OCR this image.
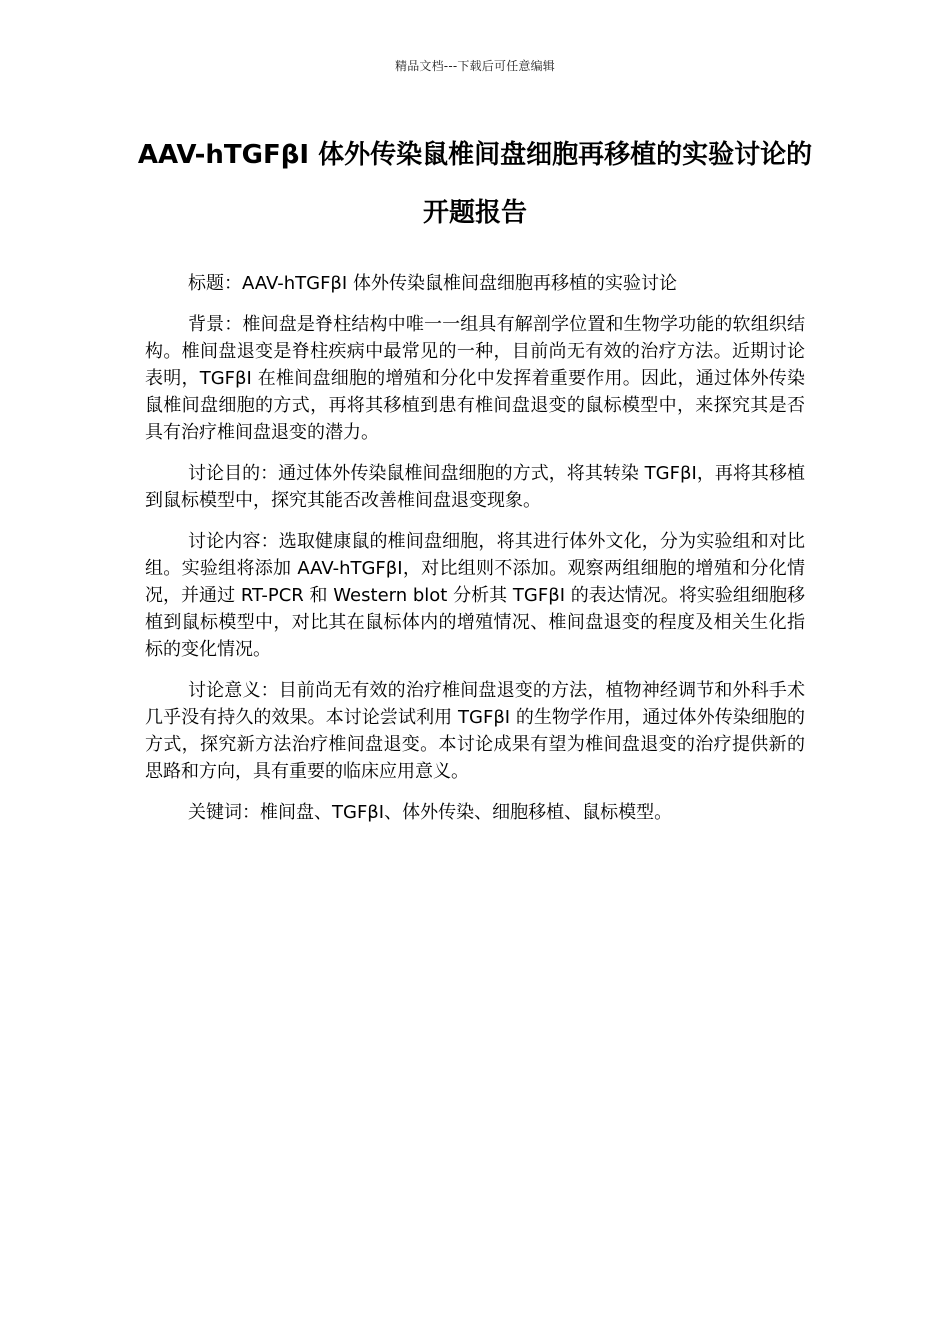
精品文档---下载后可任意编辑
AAV-hTGFβI 体外传染鼠椎间盘细胞再移植的实验讨论的开题报告

标题：AAV-hTGFβI 体外传染鼠椎间盘细胞再移植的实验讨论

背景：椎间盘是脊柱结构中唯一一组具有解剖学位置和生物学功能的软组织结构。椎间盘退变是脊柱疾病中最常见的一种，目前尚无有效的治疗方法。近期讨论表明，TGFβI 在椎间盘细胞的增殖和分化中发挥着重要作用。因此，通过体外传染鼠椎间盘细胞的方式，再将其移植到患有椎间盘退变的鼠标模型中，来探究其是否具有治疗椎间盘退变的潜力。

讨论目的：通过体外传染鼠椎间盘细胞的方式，将其转染 TGFβI，再将其移植到鼠标模型中，探究其能否改善椎间盘退变现象。

讨论内容：选取健康鼠的椎间盘细胞，将其进行体外文化，分为实验组和对比组。实验组将添加 AAV-hTGFβI，对比组则不添加。观察两组细胞的增殖和分化情况，并通过 RT-PCR 和 Western blot 分析其 TGFβI 的表达情况。将实验组细胞移植到鼠标模型中，对比其在鼠标体内的增殖情况、椎间盘退变的程度及相关生化指标的变化情况。

讨论意义：目前尚无有效的治疗椎间盘退变的方法，植物神经调节和外科手术几乎没有持久的效果。本讨论尝试利用 TGFβI 的生物学作用，通过体外传染细胞的方式，探究新方法治疗椎间盘退变。本讨论成果有望为椎间盘退变的治疗提供新的思路和方向，具有重要的临床应用意义。

关键词：椎间盘、TGFβI、体外传染、细胞移植、鼠标模型。
